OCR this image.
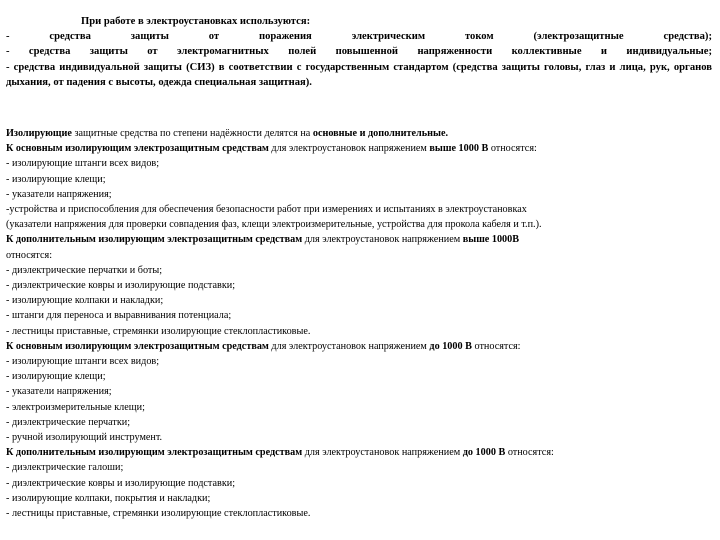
При работе в электроустановках используются:
- средства защиты от поражения электрическим током (электрозащитные средства);
- средства защиты от электромагнитных полей повышенной напряженности коллективные и индивидуальные;
- средства индивидуальной защиты (СИЗ) в соответствии с государственным стандартом (средства защиты головы, глаз и лица, рук, органов дыхания, от падения с высоты, одежда специальная защитная).
Изолирующие защитные средства по степени надёжности делятся на основные и дополнительные.
К основным изолирующим электрозащитным средствам для электроустановок напряжением выше 1000 В относятся:
- изолирующие штанги всех видов;
- изолирующие клещи;
- указатели напряжения;
-устройства и приспособления для обеспечения безопасности работ при измерениях и испытаниях в электроустановках
(указатели напряжения для проверки совпадения фаз, клещи электроизмерительные, устройства для прокола кабеля и т.п.).
К дополнительным изолирующим электрозащитным средствам для электроустановок напряжением выше 1000В
относятся:
- диэлектрические перчатки и боты;
- диэлектрические ковры и изолирующие подставки;
- изолирующие колпаки и накладки;
- штанги для переноса и выравнивания потенциала;
- лестницы приставные, стремянки изолирующие стеклопластиковые.
К основным изолирующим электрозащитным средствам для электроустановок напряжением до 1000 В относятся:
- изолирующие штанги всех видов;
- изолирующие клещи;
- указатели напряжения;
- электроизмерительные клещи;
- диэлектрические перчатки;
- ручной изолирующий инструмент.
К дополнительным изолирующим электрозащитным средствам для электроустановок напряжением до 1000 В относятся:
- диэлектрические галоши;
- диэлектрические ковры и изолирующие подставки;
- изолирующие колпаки, покрытия и накладки;
- лестницы приставные, стремянки изолирующие стеклопластиковые.
